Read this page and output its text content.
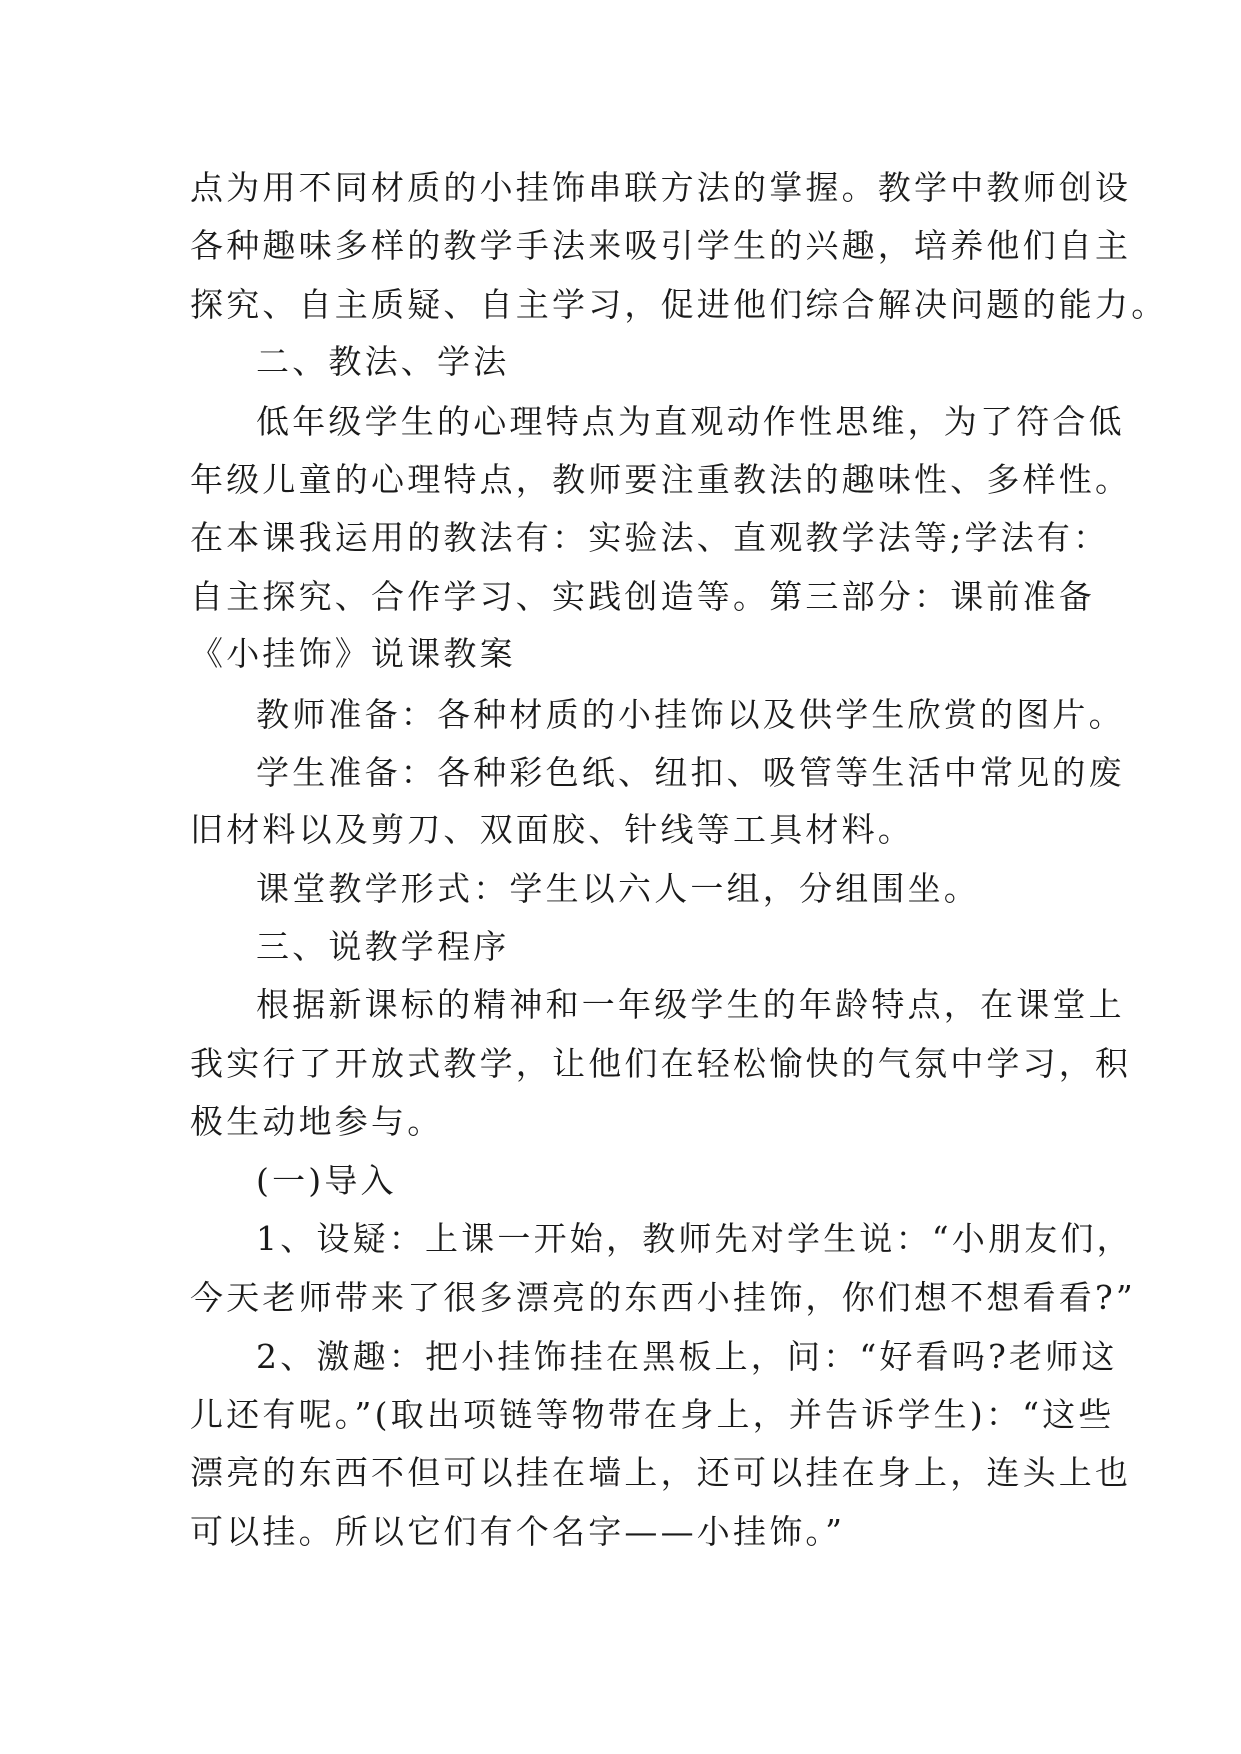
点为用不同材质的小挂饰串联方法的掌握。教学中教师创设
各种趣味多样的教学手法来吸引学生的兴趣，培养他们自主
探究、自主质疑、自主学习，促进他们综合解决问题的能力。
二、教法、学法
低年级学生的心理特点为直观动作性思维，为了符合低
年级儿童的心理特点，教师要注重教法的趣味性、多样性。
在本课我运用的教法有：实验法、直观教学法等;学法有：
自主探究、合作学习、实践创造等。第三部分：课前准备
《小挂饰》说课教案
教师准备：各种材质的小挂饰以及供学生欣赏的图片。
学生准备：各种彩色纸、纽扣、吸管等生活中常见的废
旧材料以及剪刀、双面胶、针线等工具材料。
课堂教学形式：学生以六人一组，分组围坐。
三、说教学程序
根据新课标的精神和一年级学生的年龄特点，在课堂上
我实行了开放式教学，让他们在轻松愉快的气氛中学习，积
极生动地参与。
(一)导入
1、设疑：上课一开始，教师先对学生说：“小朋友们，
今天老师带来了很多漂亮的东西小挂饰，你们想不想看看?”
2、激趣：把小挂饰挂在黑板上，问：“好看吗?老师这
儿还有呢。”(取出项链等物带在身上，并告诉学生)：“这些
漂亮的东西不但可以挂在墙上，还可以挂在身上，连头上也
可以挂。所以它们有个名字——小挂饰。”
